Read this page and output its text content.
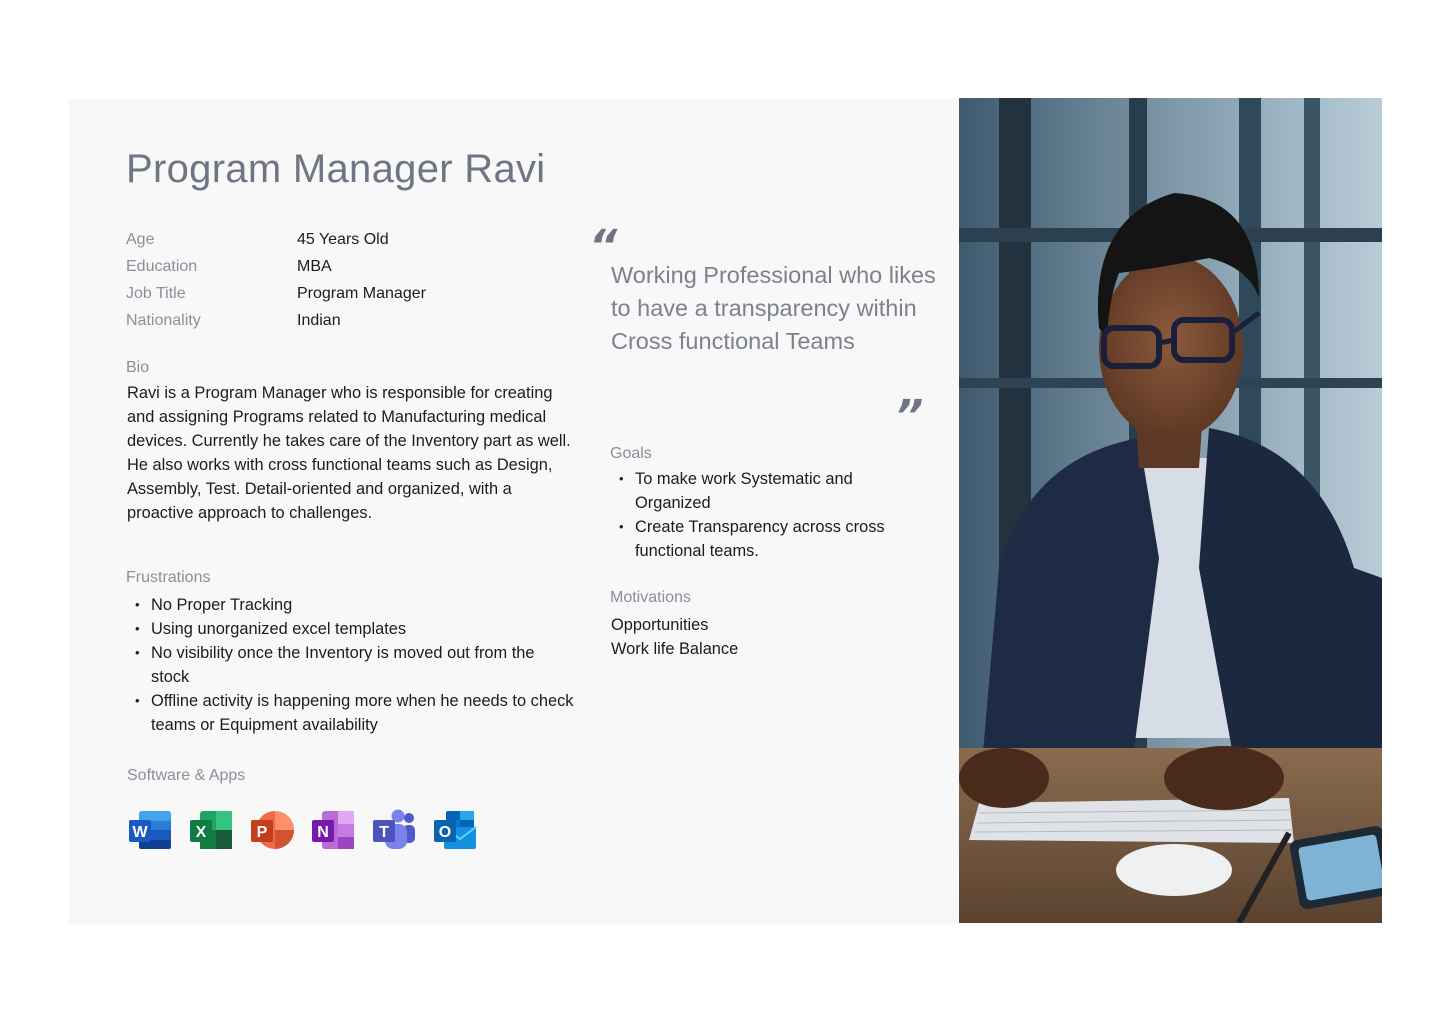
Program Manager Ravi
Age	45 Years Old
Education	MBA
Job Title	Program Manager
Nationality	Indian
Bio
Ravi is a Program Manager who is responsible for creating and assigning Programs related to Manufacturing medical devices. Currently he takes care of the Inventory part as well. He also works with cross functional teams such as Design, Assembly, Test. Detail-oriented and organized, with a proactive approach to challenges.
Frustrations
• No Proper Tracking
• Using unorganized excel templates
• No visibility once the Inventory is moved out from the stock
• Offline activity is happening more when he needs to check teams or Equipment availability
Software & Apps
W	X	P	N	T	O
“
Working Professional who likes to have a transparency within Cross functional Teams
”
Goals
• To make work Systematic and Organized
• Create Transparency across cross functional teams.
Motivations
Opportunities
Work life Balance
